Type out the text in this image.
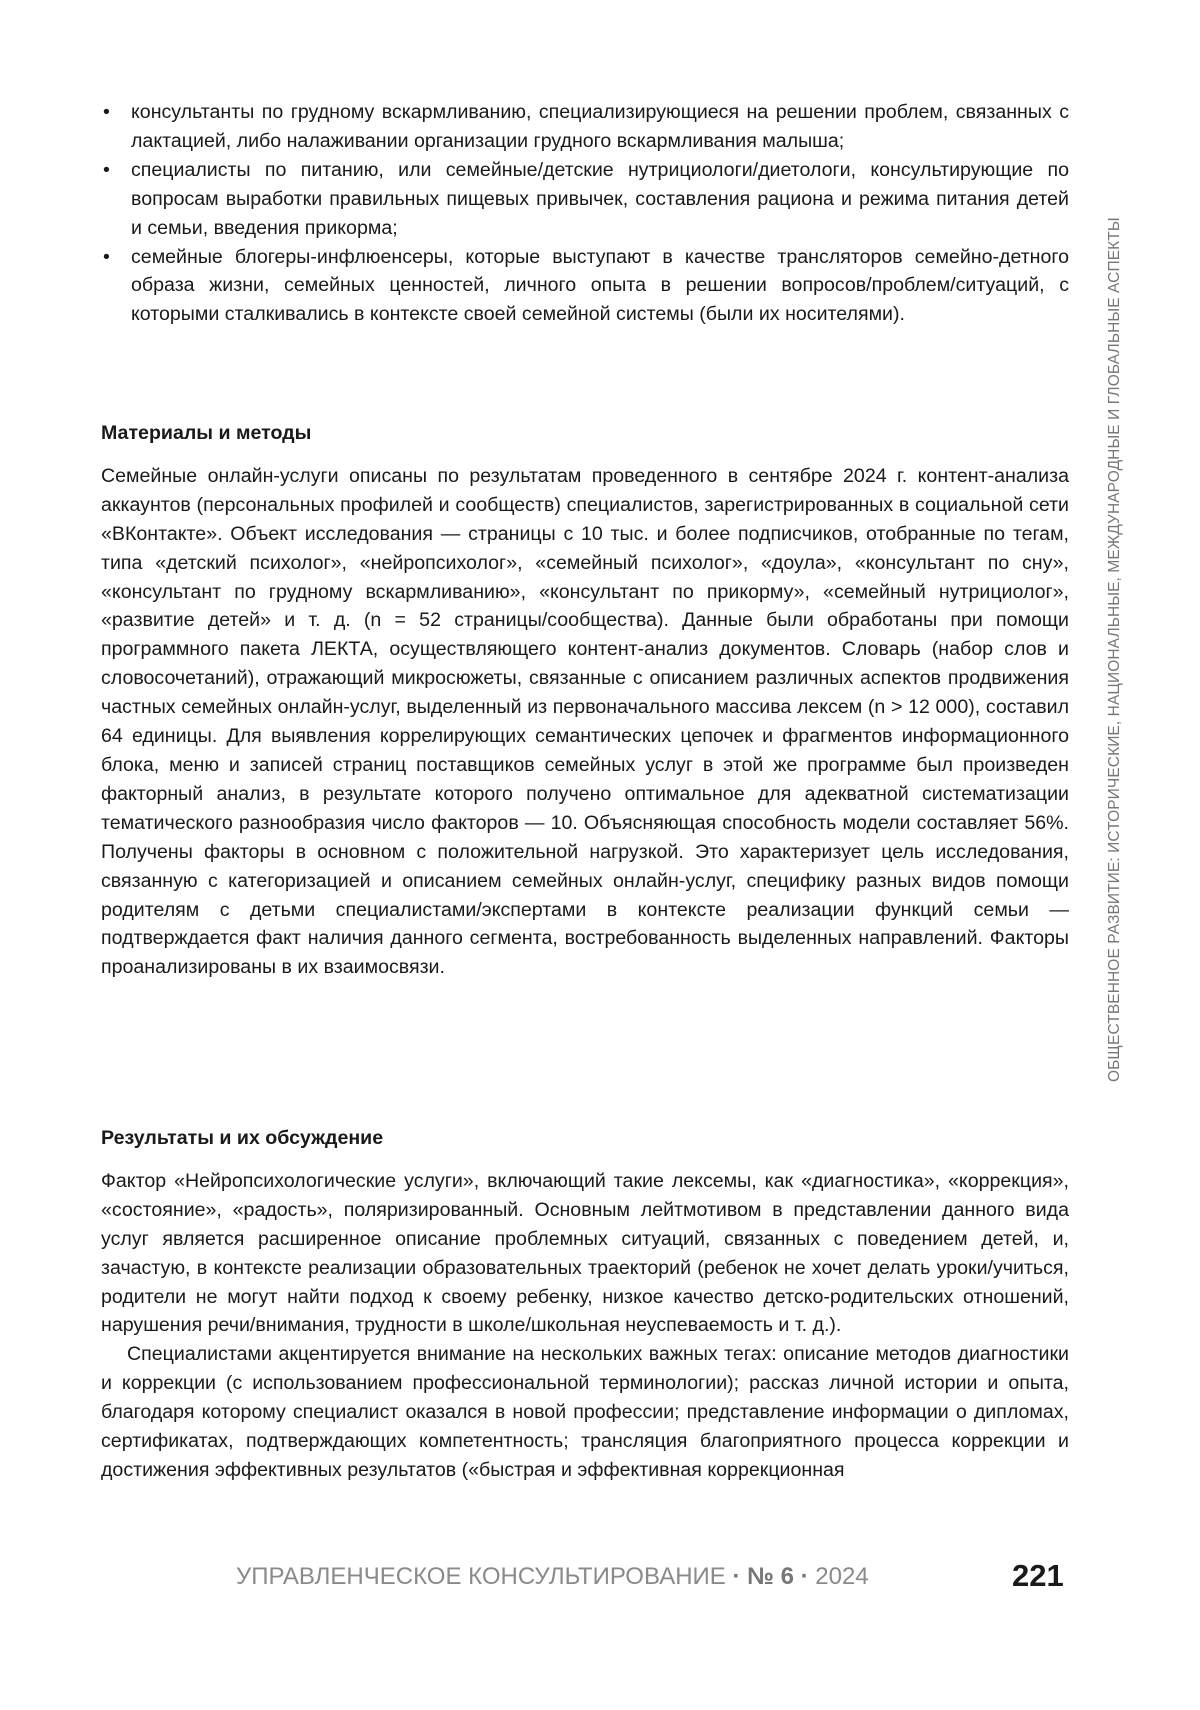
• консультанты по грудному вскармливанию, специализирующиеся на решении проблем, связанных с лактацией, либо налаживании организации грудного вскармливания малыша;
• специалисты по питанию, или семейные/детские нутрициологи/диетологи, консультирующие по вопросам выработки правильных пищевых привычек, составления рациона и режима питания детей и семьи, введения прикорма;
• семейные блогеры-инфлюенсеры, которые выступают в качестве трансляторов семейно-детного образа жизни, семейных ценностей, личного опыта в решении вопросов/проблем/ситуаций, с которыми сталкивались в контексте своей семейной системы (были их носителями).
Материалы и методы

Семейные онлайн-услуги описаны по результатам проведенного в сентябре 2024 г. контент-анализа аккаунтов (персональных профилей и сообществ) специалистов, зарегистрированных в социальной сети «ВКонтакте». Объект исследования — страницы с 10 тыс. и более подписчиков, отобранные по тегам, типа «детский психолог», «нейропсихолог», «семейный психолог», «доула», «консультант по сну», «консультант по грудному вскармливанию», «консультант по прикорму», «семейный нутрициолог», «развитие детей» и т. д. (n = 52 страницы/сообщества). Данные были обработаны при помощи программного пакета ЛЕКТА, осуществляющего контент-анализ документов. Словарь (набор слов и словосочетаний), отражающий микросюжеты, связанные с описанием различных аспектов продвижения частных семейных онлайн-услуг, выделенный из первоначального массива лексем (n > 12 000), составил 64 единицы. Для выявления коррелирующих семантических цепочек и фрагментов информационного блока, меню и записей страниц поставщиков семейных услуг в этой же программе был произведен факторный анализ, в результате которого получено оптимальное для адекватной систематизации тематического разнообразия число факторов — 10. Объясняющая способность модели составляет 56%. Получены факторы в основном с положительной нагрузкой. Это характеризует цель исследования, связанную с категоризацией и описанием семейных онлайн-услуг, специфику разных видов помощи родителям с детьми специалистами/экспертами в контексте реализации функций семьи — подтверждается факт наличия данного сегмента, востребованность выделенных направлений. Факторы проанализированы в их взаимосвязи.

Результаты и их обсуждение

Фактор «Нейропсихологические услуги», включающий такие лексемы, как «диагностика», «коррекция», «состояние», «радость», поляризированный. Основным лейтмотивом в представлении данного вида услуг является расширенное описание проблемных ситуаций, связанных с поведением детей, и, зачастую, в контексте реализации образовательных траекторий (ребенок не хочет делать уроки/учиться, родители не могут найти подход к своему ребенку, низкое качество детско-родительских отношений, нарушения речи/внимания, трудности в школе/школьная неуспеваемость и т. д.).

Специалистами акцентируется внимание на нескольких важных тегах: описание методов диагностики и коррекции (с использованием профессиональной терминологии); рассказ личной истории и опыта, благодаря которому специалист оказался в новой профессии; представление информации о дипломах, сертификатах, подтверждающих компетентность; трансляция благоприятного процесса коррекции и достижения эффективных результатов («быстрая и эффективная коррекционная

ОБЩЕСТВЕННОЕ РАЗВИТИЕ: ИСТОРИЧЕСКИЕ, НАЦИОНАЛЬНЫЕ, МЕЖДУНАРОДНЫЕ И ГЛОБАЛЬНЫЕ АСПЕКТЫ
УПРАВЛЕНЧЕСКОЕ КОНСУЛЬТИРОВАНИЕ · № 6 · 2024	221
